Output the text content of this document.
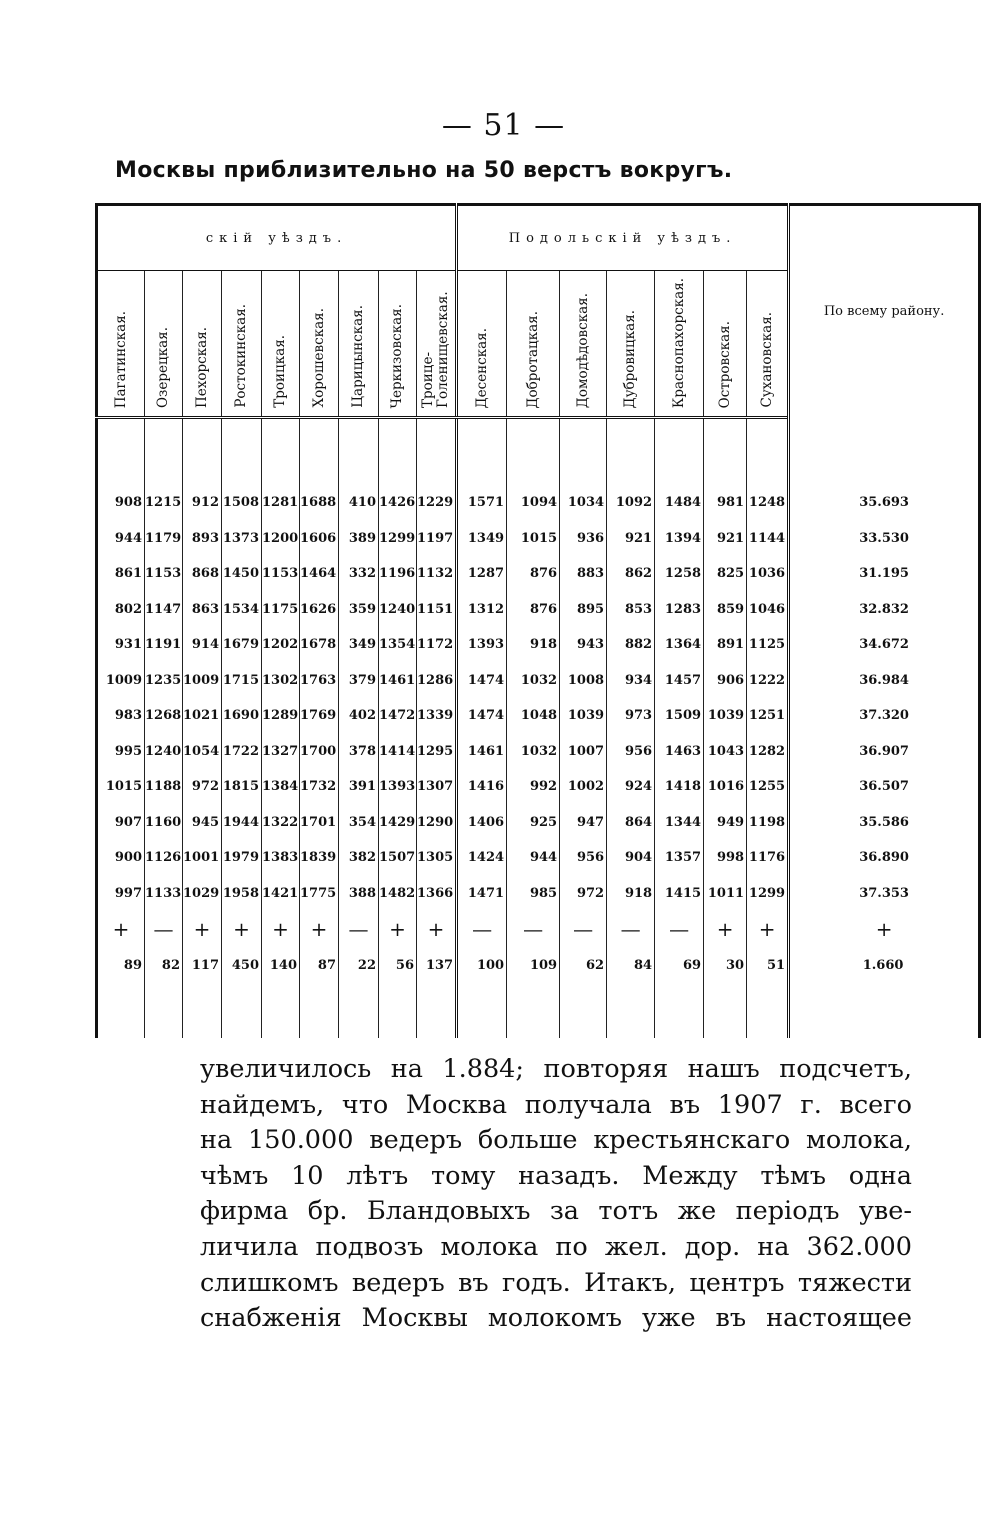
— 51 —
Москвы приблизительно на 50 верстъ вокругъ.
скій уѣздъ.									Подольскій уѣздъ.							По всему району.

Пагатинская.	Озерецкая.	Пехорская.	Ростокинская.	Троицкая.	Хорошевская.	Царицынская.	Черкизовская.	Троице-Голенищевская.	Десенская.	Добротацкая.	Домодѣдовская.	Дубровицкая.	Краснопахорская.	Островская.	Сухановская.	

908	1215	912	1508	1281	1688	410	1426	1229	1571	1094	1034	1092	1484	981	1248	35.693
944	1179	893	1373	1200	1606	389	1299	1197	1349	1015	936	921	1394	921	1144	33.530
861	1153	868	1450	1153	1464	332	1196	1132	1287	876	883	862	1258	825	1036	31.195
802	1147	863	1534	1175	1626	359	1240	1151	1312	876	895	853	1283	859	1046	32.832
931	1191	914	1679	1202	1678	349	1354	1172	1393	918	943	882	1364	891	1125	34.672
1009	1235	1009	1715	1302	1763	379	1461	1286	1474	1032	1008	934	1457	906	1222	36.984
983	1268	1021	1690	1289	1769	402	1472	1339	1474	1048	1039	973	1509	1039	1251	37.320
995	1240	1054	1722	1327	1700	378	1414	1295	1461	1032	1007	956	1463	1043	1282	36.907
1015	1188	972	1815	1384	1732	391	1393	1307	1416	992	1002	924	1418	1016	1255	36.507
907	1160	945	1944	1322	1701	354	1429	1290	1406	925	947	864	1344	949	1198	35.586
900	1126	1001	1979	1383	1839	382	1507	1305	1424	944	956	904	1357	998	1176	36.890
997	1133	1029	1958	1421	1775	388	1482	1366	1471	985	972	918	1415	1011	1299	37.353
+	—	+	+	+	+	—	+	+	—	—	—	—	—	+	+	+
89	82	117	450	140	87	22	56	137	100	109	62	84	69	30	51	1.660

увеличилось на 1.884; повторяя нашъ подсчетъ,
найдемъ, что Москва получала въ 1907 г. всего
на 150.000 ведеръ больше крестьянскаго молока,
чѣмъ 10 лѣтъ тому назадъ. Между тѣмъ одна
фирма бр. Бландовыхъ за тотъ же періодъ уве-
личила подвозъ молока по жел. дор. на 362.000
слишкомъ ведеръ въ годъ. Итакъ, центръ тяжести
снабженія Москвы молокомъ уже въ настоящее
